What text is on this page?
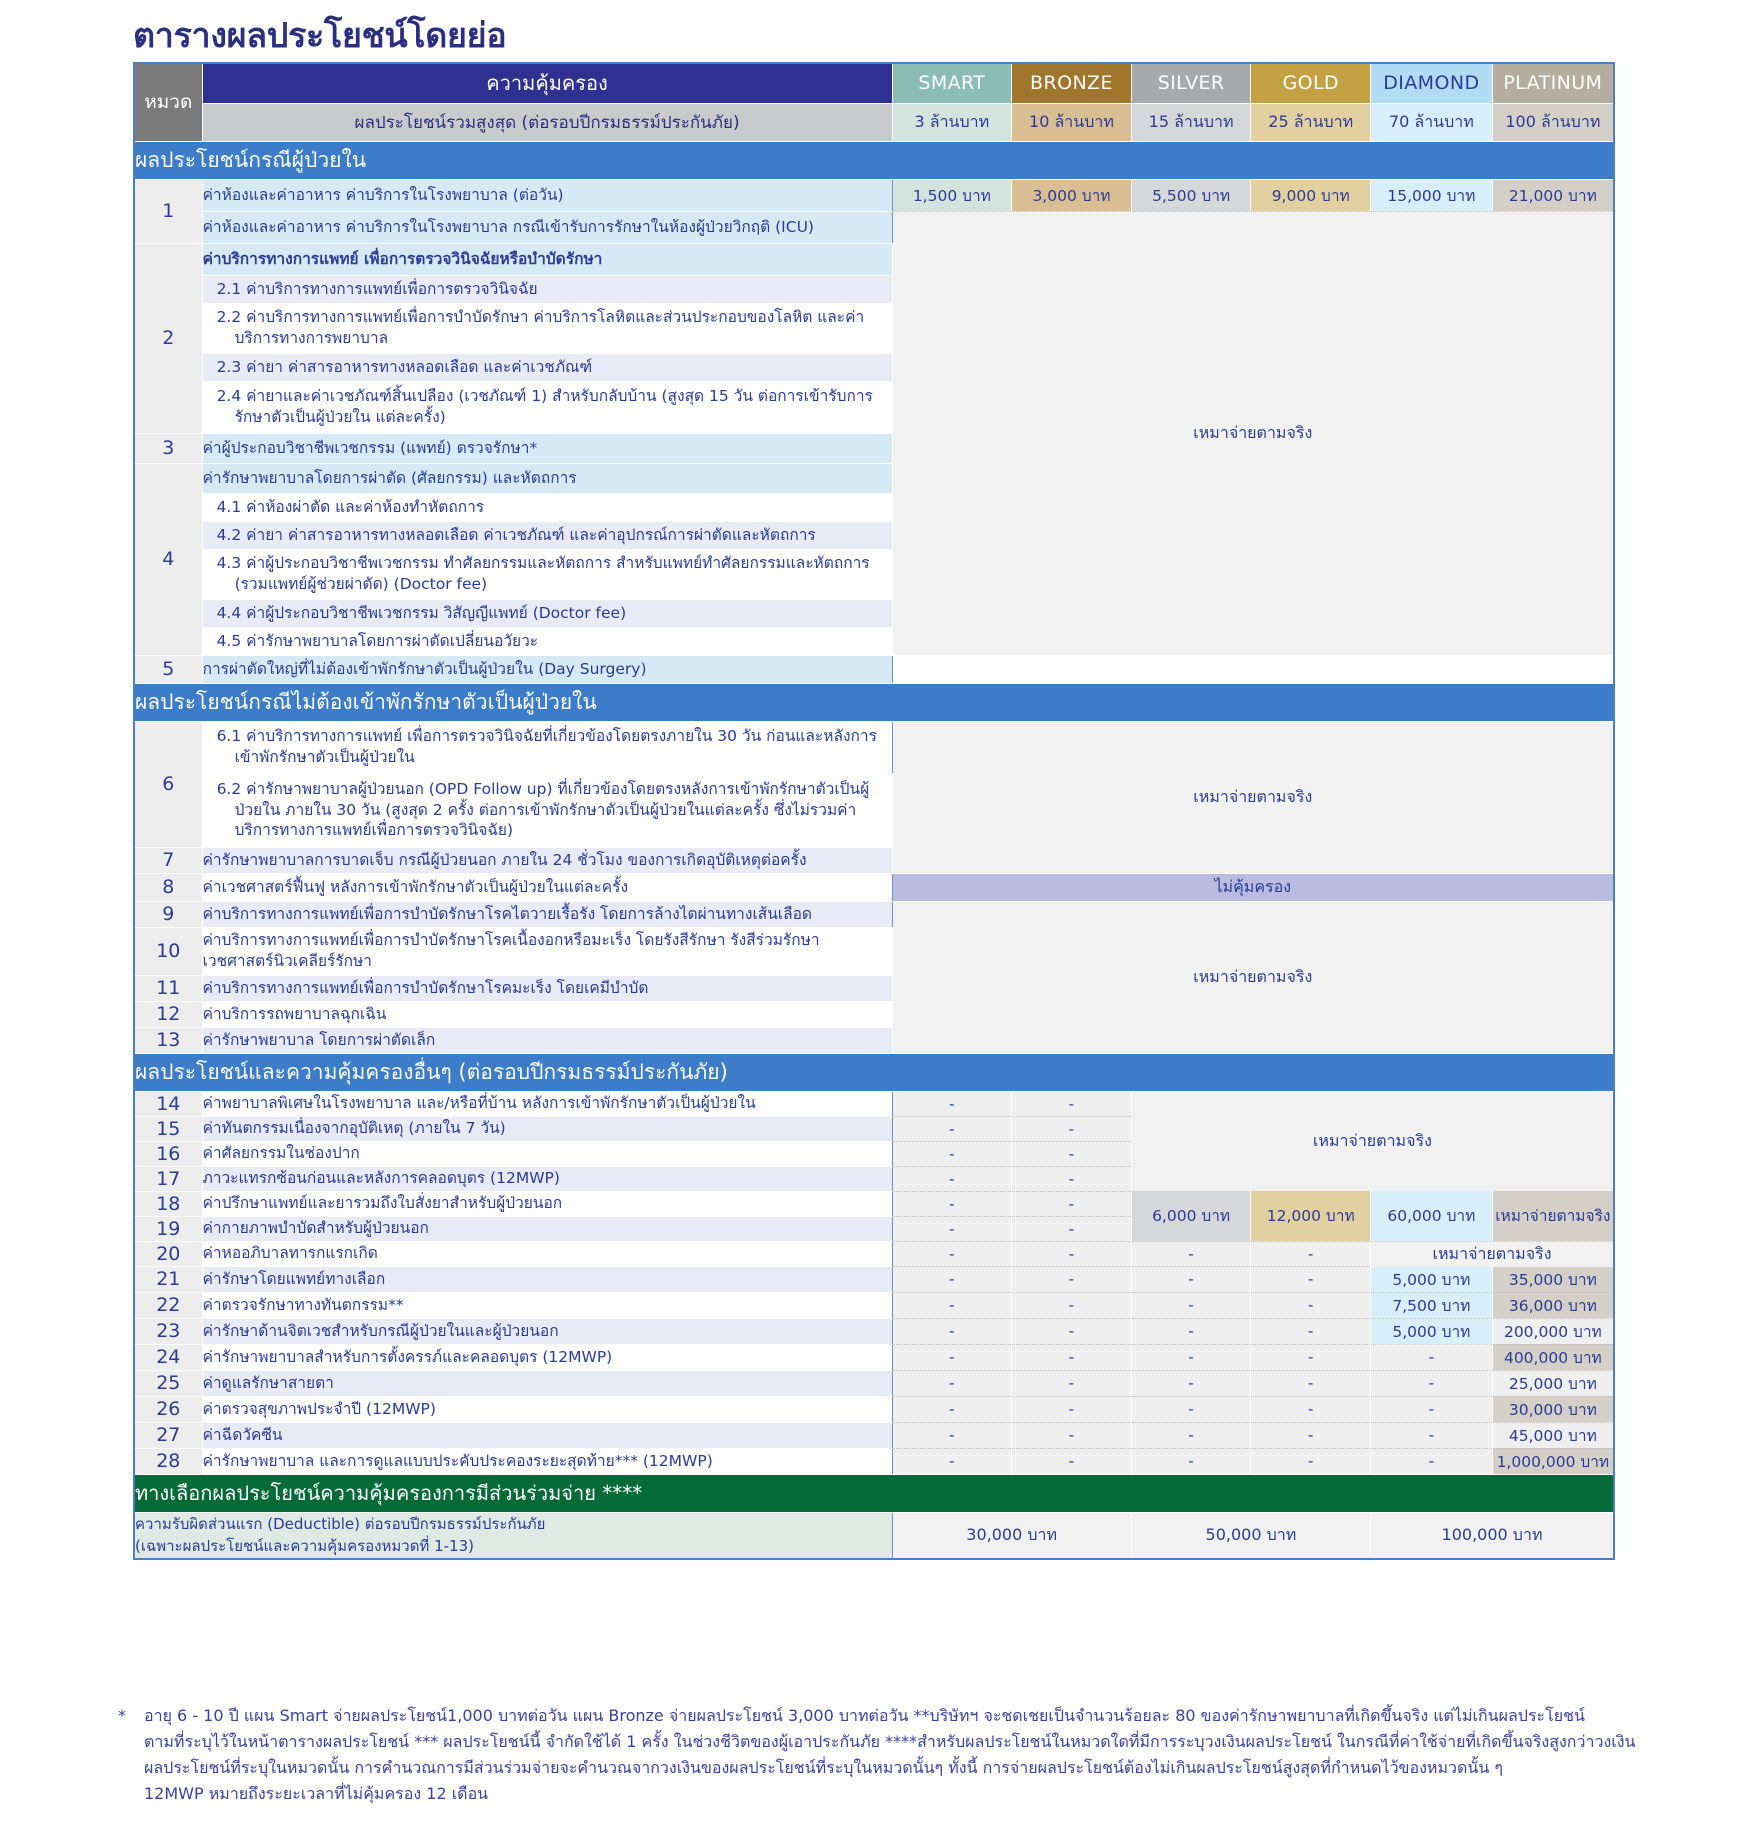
ตารางผลประโยชน์โดยย่อ
หมวด	ความคุ้มครอง	SMART	BRONZE	SILVER	GOLD	DIAMOND	PLATINUM
	ผลประโยชน์รวมสูงสุด (ต่อรอบปีกรมธรรม์ประกันภัย)	3 ล้านบาท	10 ล้านบาท	15 ล้านบาท	25 ล้านบาท	70 ล้านบาท	100 ล้านบาท
ผลประโยชน์กรณีผู้ป่วยใน							
1	ค่าห้องและค่าอาหาร ค่าบริการในโรงพยาบาล (ต่อวัน)	1,500 บาท	3,000 บาท	5,500 บาท	9,000 บาท	15,000 บาท	21,000 บาท
	ค่าห้องและค่าอาหาร ค่าบริการในโรงพยาบาล กรณีเข้ารับการรักษาในห้องผู้ป่วยวิกฤติ (ICU)	เหมาจ่ายตามจริง					
2	ค่าบริการทางการแพทย์ เพื่อการตรวจวินิจฉัยหรือบำบัดรักษา						
	2.1 ค่าบริการทางการแพทย์เพื่อการตรวจวินิจฉัย						
	2.2 ค่าบริการทางการแพทย์เพื่อการบำบัดรักษา ค่าบริการโลหิตและส่วนประกอบของโลหิต และค่าบริการทางการพยาบาล						
	2.3 ค่ายา ค่าสารอาหารทางหลอดเลือด และค่าเวชภัณฑ์						
	2.4 ค่ายาและค่าเวชภัณฑ์สิ้นเปลือง (เวชภัณฑ์ 1) สำหรับกลับบ้าน (สูงสุด 15 วัน ต่อการเข้ารับการรักษาตัวเป็นผู้ป่วยใน แต่ละครั้ง)						
3	ค่าผู้ประกอบวิชาชีพเวชกรรม (แพทย์) ตรวจรักษา*						
4	ค่ารักษาพยาบาลโดยการผ่าตัด (ศัลยกรรม) และหัตถการ						
	4.1 ค่าห้องผ่าตัด และค่าห้องทำหัตถการ						
	4.2 ค่ายา ค่าสารอาหารทางหลอดเลือด ค่าเวชภัณฑ์ และค่าอุปกรณ์การผ่าตัดและหัตถการ						
	4.3 ค่าผู้ประกอบวิชาชีพเวชกรรม ทำศัลยกรรมและหัตถการ สำหรับแพทย์ทำศัลยกรรมและหัตถการ (รวมแพทย์ผู้ช่วยผ่าตัด) (Doctor fee)						
	4.4 ค่าผู้ประกอบวิชาชีพเวชกรรม วิสัญญีแพทย์ (Doctor fee)						
	4.5 ค่ารักษาพยาบาลโดยการผ่าตัดเปลี่ยนอวัยวะ						
5	การผ่าตัดใหญ่ที่ไม่ต้องเข้าพักรักษาตัวเป็นผู้ป่วยใน (Day Surgery)						
ผลประโยชน์กรณีไม่ต้องเข้าพักรักษาตัวเป็นผู้ป่วยใน							
6	6.1 ค่าบริการทางการแพทย์ เพื่อการตรวจวินิจฉัยที่เกี่ยวข้องโดยตรงภายใน 30 วัน ก่อนและหลังการเข้าพักรักษาตัวเป็นผู้ป่วยใน	เหมาจ่ายตามจริง					
	6.2 ค่ารักษาพยาบาลผู้ป่วยนอก (OPD Follow up) ที่เกี่ยวข้องโดยตรงหลังการเข้าพักรักษาตัวเป็นผู้ป่วยใน ภายใน 30 วัน (สูงสุด 2 ครั้ง ต่อการเข้าพักรักษาตัวเป็นผู้ป่วยในแต่ละครั้ง ซึ่งไม่รวมค่าบริการทางการแพทย์เพื่อการตรวจวินิจฉัย)						
7	ค่ารักษาพยาบาลการบาดเจ็บ กรณีผู้ป่วยนอก ภายใน 24 ชั่วโมง ของการเกิดอุบัติเหตุต่อครั้ง						
8	ค่าเวชศาสตร์ฟื้นฟู หลังการเข้าพักรักษาตัวเป็นผู้ป่วยในแต่ละครั้ง	ไม่คุ้มครอง					
9	ค่าบริการทางการแพทย์เพื่อการบำบัดรักษาโรคไตวายเรื้อรัง โดยการล้างไตผ่านทางเส้นเลือด	เหมาจ่ายตามจริง					
10	ค่าบริการทางการแพทย์เพื่อการบำบัดรักษาโรคเนื้องอกหรือมะเร็ง โดยรังสีรักษา รังสีร่วมรักษา เวชศาสตร์นิวเคลียร์รักษา						
11	ค่าบริการทางการแพทย์เพื่อการบำบัดรักษาโรคมะเร็ง โดยเคมีบำบัด						
12	ค่าบริการรถพยาบาลฉุกเฉิน						
13	ค่ารักษาพยาบาล โดยการผ่าตัดเล็ก						
ผลประโยชน์และความคุ้มครองอื่นๆ (ต่อรอบปีกรมธรรม์ประกันภัย)							
14	ค่าพยาบาลพิเศษในโรงพยาบาล และ/หรือที่บ้าน หลังการเข้าพักรักษาตัวเป็นผู้ป่วยใน	-	-	เหมาจ่ายตามจริง			
15	ค่าทันตกรรมเนื่องจากอุบัติเหตุ (ภายใน 7 วัน)	-	-				
16	ค่าศัลยกรรมในช่องปาก	-	-				
17	ภาวะแทรกซ้อนก่อนและหลังการคลอดบุตร (12MWP)	-	-				
18	ค่าปรึกษาแพทย์และยารวมถึงใบสั่งยาสำหรับผู้ป่วยนอก	-	-	6,000 บาท	12,000 บาท	60,000 บาท	เหมาจ่ายตามจริง
19	ค่ากายภาพบำบัดสำหรับผู้ป่วยนอก	-	-				
20	ค่าหออภิบาลทารกแรกเกิด	-	-	-	-	เหมาจ่ายตามจริง	
21	ค่ารักษาโดยแพทย์ทางเลือก	-	-	-	-	5,000 บาท	35,000 บาท
22	ค่าตรวจรักษาทางทันตกรรม**	-	-	-	-	7,500 บาท	36,000 บาท
23	ค่ารักษาด้านจิตเวชสำหรับกรณีผู้ป่วยในและผู้ป่วยนอก	-	-	-	-	5,000 บาท	200,000 บาท
24	ค่ารักษาพยาบาลสำหรับการตั้งครรภ์และคลอดบุตร (12MWP)	-	-	-	-	-	400,000 บาท
25	ค่าดูแลรักษาสายตา	-	-	-	-	-	25,000 บาท
26	ค่าตรวจสุขภาพประจำปี (12MWP)	-	-	-	-	-	30,000 บาท
27	ค่าฉีดวัคซีน	-	-	-	-	-	45,000 บาท
28	ค่ารักษาพยาบาล และการดูแลแบบประคับประคองระยะสุดท้าย*** (12MWP)	-	-	-	-	-	1,000,000 บาท
ทางเลือกผลประโยชน์ความคุ้มครองการมีส่วนร่วมจ่าย ****							

ความรับผิดส่วนแรก (Deductible) ต่อรอบปีกรมธรรม์ประกันภัย
(เฉพาะผลประโยชน์และความคุ้มครองหมวดที่ 1-13)		30,000 บาท		50,000 บาท		100,000 บาท	
* อายุ 6 - 10 ปี แผน Smart จ่ายผลประโยชน์1,000 บาทต่อวัน แผน Bronze จ่ายผลประโยชน์ 3,000 บาทต่อวัน **บริษัทฯ จะชดเชยเป็นจำนวนร้อยละ 80 ของค่ารักษาพยาบาลที่เกิดขึ้นจริง แต่ไม่เกินผลประโยชน์
ตามที่ระบุไว้ในหน้าตารางผลประโยชน์ *** ผลประโยชน์นี้ จำกัดใช้ได้ 1 ครั้ง ในช่วงชีวิตของผู้เอาประกันภัย ****สำหรับผลประโยชน์ในหมวดใดที่มีการระบุวงเงินผลประโยชน์ ในกรณีที่ค่าใช้จ่ายที่เกิดขึ้นจริงสูงกว่าวงเงิน
ผลประโยชน์ที่ระบุในหมวดนั้น การคำนวณการมีส่วนร่วมจ่ายจะคำนวณจากวงเงินของผลประโยชน์ที่ระบุในหมวดนั้นๆ ทั้งนี้ การจ่ายผลประโยชน์ต้องไม่เกินผลประโยชน์สูงสุดที่กำหนดไว้ของหมวดนั้น ๆ
12MWP หมายถึงระยะเวลาที่ไม่คุ้มครอง 12 เดือน
